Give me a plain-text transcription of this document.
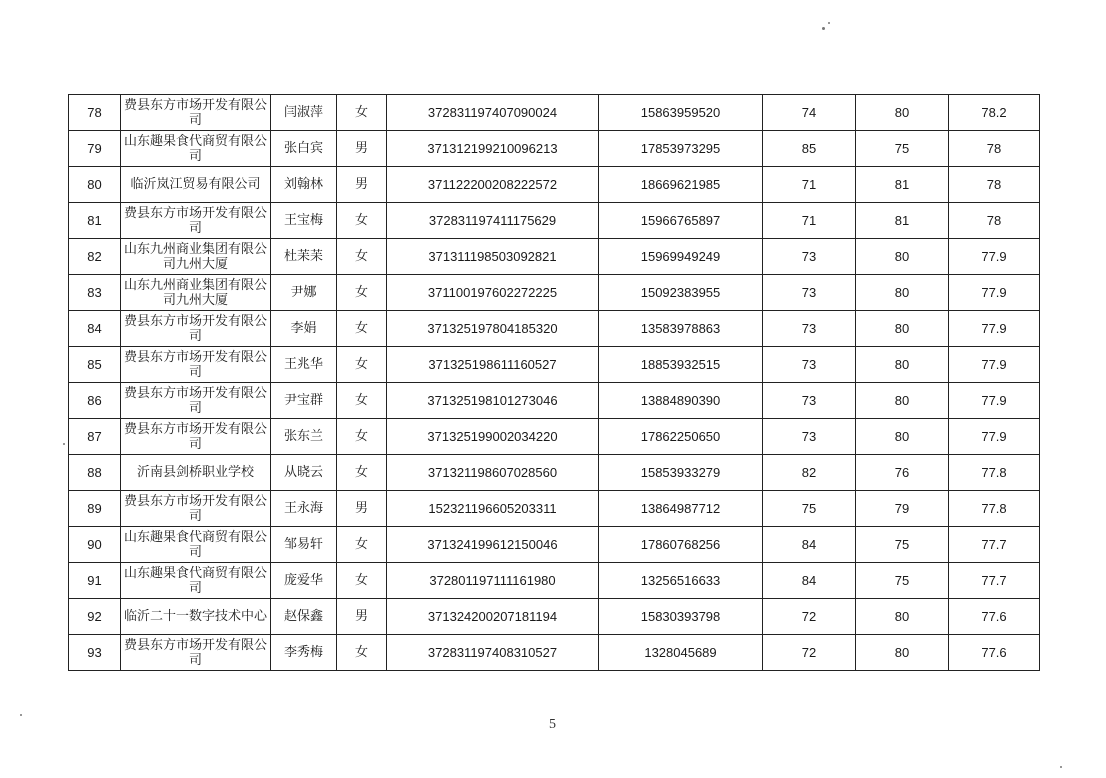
78	费县东方市场开发有限公司	闫淑萍	女	372831197407090024	15863959520	74	80	78.2
79	山东趣果食代商贸有限公司	张白宾	男	371312199210096213	17853973295	85	75	78
80	临沂岚江贸易有限公司	刘翰林	男	371122200208222572	18669621985	71	81	78
81	费县东方市场开发有限公司	王宝梅	女	372831197411175629	15966765897	71	81	78
82	山东九州商业集团有限公司九州大厦	杜苿苿	女	371311198503092821	15969949249	73	80	77.9
83	山东九州商业集团有限公司九州大厦	尹娜	女	371100197602272225	15092383955	73	80	77.9
84	费县东方市场开发有限公司	李娟	女	371325197804185320	13583978863	73	80	77.9
85	费县东方市场开发有限公司	王兆华	女	371325198611160527	18853932515	73	80	77.9
86	费县东方市场开发有限公司	尹宝群	女	371325198101273046	13884890390	73	80	77.9
87	费县东方市场开发有限公司	张东兰	女	371325199002034220	17862250650	73	80	77.9
88	沂南县剑桥职业学校	从晓云	女	371321198607028560	15853933279	82	76	77.8
89	费县东方市场开发有限公司	王永海	男	152321196605203311	13864987712	75	79	77.8
90	山东趣果食代商贸有限公司	邹易轩	女	371324199612150046	17860768256	84	75	77.7
91	山东趣果食代商贸有限公司	庞爱华	女	372801197111161980	13256516633	84	75	77.7
92	临沂二十一数字技术中心	赵保鑫	男	371324200207181194	15830393798	72	80	77.6
93	费县东方市场开发有限公司	李秀梅	女	372831197408310527	1328045689	72	80	77.6
5
